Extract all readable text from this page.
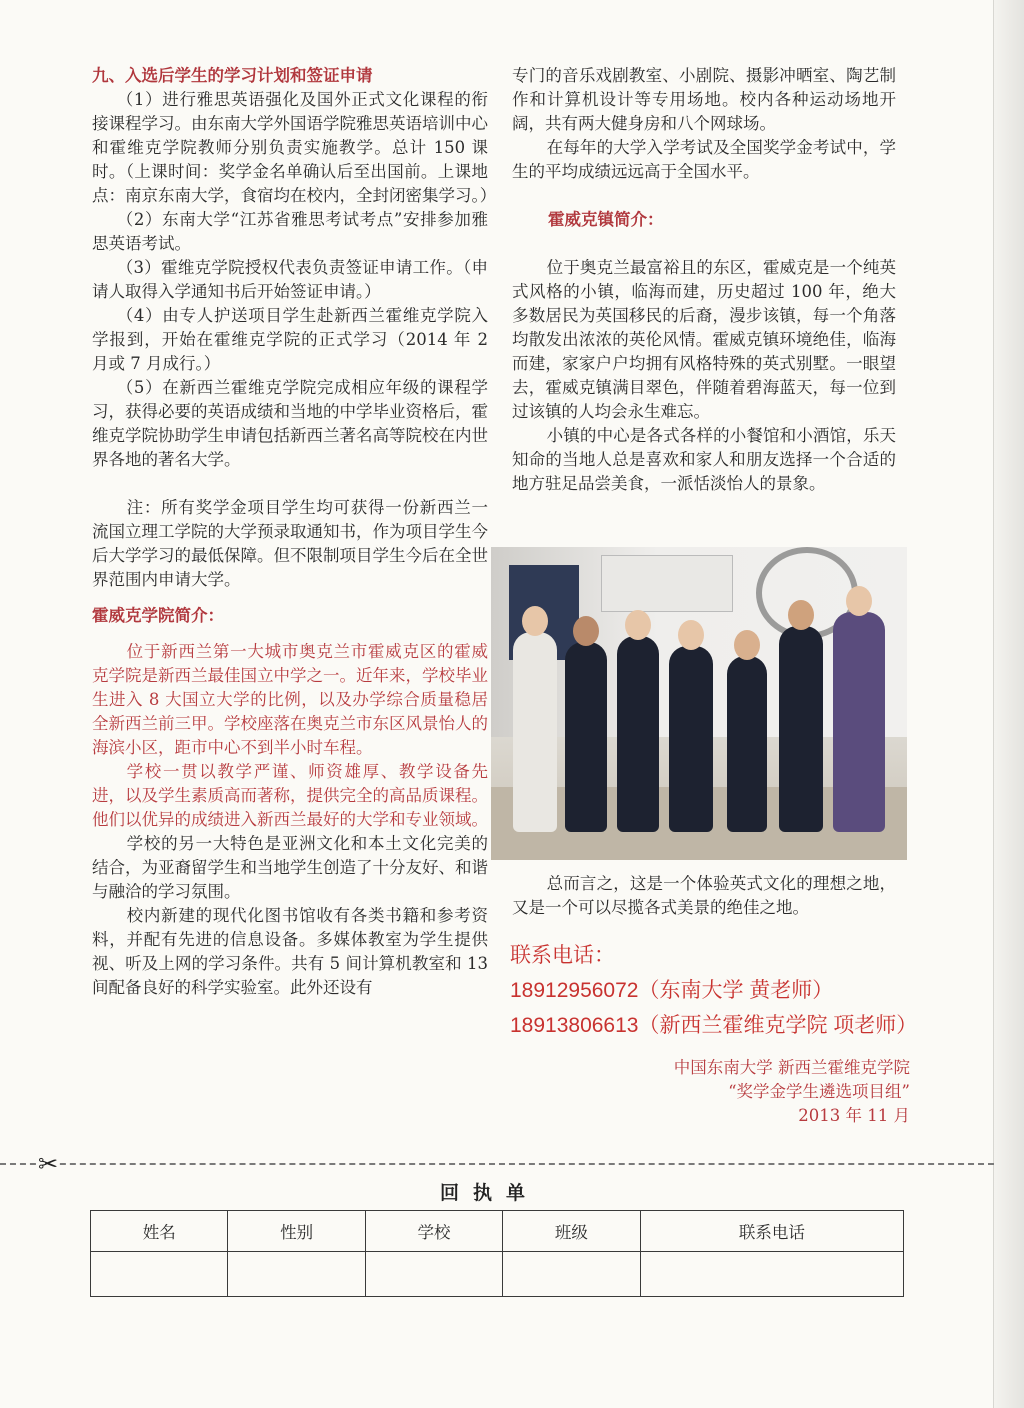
九、入选后学生的学习计划和签证申请

（1）进行雅思英语强化及国外正式文化课程的衔接课程学习。由东南大学外国语学院雅思英语培训中心和霍维克学院教师分别负责实施教学。总计 150 课时。（上课时间：奖学金名单确认后至出国前。上课地点：南京东南大学，食宿均在校内，全封闭密集学习。）

（2）东南大学“江苏省雅思考试考点”安排参加雅思英语考试。

（3）霍维克学院授权代表负责签证申请工作。（申请人取得入学通知书后开始签证申请。）

（4）由专人护送项目学生赴新西兰霍维克学院入学报到，开始在霍维克学院的正式学习（2014 年 2 月或 7 月成行。）

（5）在新西兰霍维克学院完成相应年级的课程学习，获得必要的英语成绩和当地的中学毕业资格后，霍维克学院协助学生申请包括新西兰著名高等院校在内世界各地的著名大学。

注：所有奖学金项目学生均可获得一份新西兰一流国立理工学院的大学预录取通知书，作为项目学生今后大学学习的最低保障。但不限制项目学生今后在全世界范围内申请大学。

霍威克学院简介：

位于新西兰第一大城市奥克兰市霍威克区的霍威克学院是新西兰最佳国立中学之一。近年来，学校毕业生进入 8 大国立大学的比例，以及办学综合质量稳居全新西兰前三甲。学校座落在奥克兰市东区风景怡人的海滨小区，距市中心不到半小时车程。

学校一贯以教学严谨、师资雄厚、教学设备先进，以及学生素质高而著称，提供完全的高品质课程。他们以优异的成绩进入新西兰最好的大学和专业领域。

学校的另一大特色是亚洲文化和本土文化完美的结合，为亚裔留学生和当地学生创造了十分友好、和谐与融洽的学习氛围。

校内新建的现代化图书馆收有各类书籍和参考资料，并配有先进的信息设备。多媒体教室为学生提供视、听及上网的学习条件。共有 5 间计算机教室和 13 间配备良好的科学实验室。此外还设有

专门的音乐戏剧教室、小剧院、摄影冲晒室、陶艺制作和计算机设计等专用场地。校内各种运动场地开阔，共有两大健身房和八个网球场。

在每年的大学入学考试及全国奖学金考试中，学生的平均成绩远远高于全国水平。

霍威克镇简介：

位于奥克兰最富裕且的东区，霍威克是一个纯英式风格的小镇，临海而建，历史超过 100 年，绝大多数居民为英国移民的后裔，漫步该镇，每一个角落均散发出浓浓的英伦风情。霍威克镇环境绝佳，临海而建，家家户户均拥有风格特殊的英式别墅。一眼望去，霍威克镇满目翠色，伴随着碧海蓝天，每一位到过该镇的人均会永生难忘。

小镇的中心是各式各样的小餐馆和小酒馆，乐天知命的当地人总是喜欢和家人和朋友选择一个合适的地方驻足品尝美食，一派恬淡怡人的景象。

总而言之，这是一个体验英式文化的理想之地，又是一个可以尽揽各式美景的绝佳之地。

联系电话：
18912956072（东南大学 黄老师）
18913806613（新西兰霍维克学院 项老师）
中国东南大学 新西兰霍维克学院
“奖学金学生遴选项目组”
2013 年 11 月
✂
回执单
姓名	性别	学校	班级	联系电话
